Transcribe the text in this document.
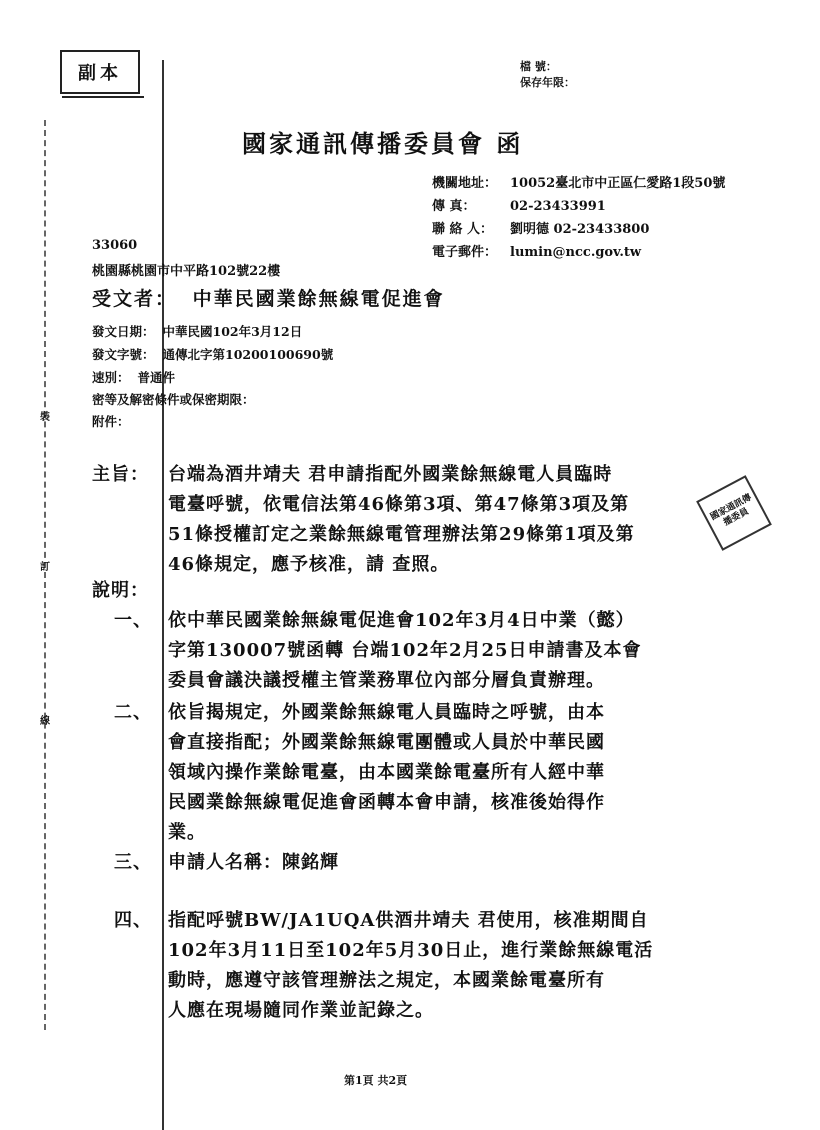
裝
訂
線
副本	檔 號：
保存年限：
國家通訊傳播委員會 函
機關地址： 10052臺北市中正區仁愛路1段50號
傳 真：	02-23433991
聯 絡 人： 劉明德 02-23433800
電子郵件： lumin@ncc.gov.tw
33060
桃園縣桃園市中平路102號22樓
受文者： 中華民國業餘無線電促進會
發文日期： 中華民國102年3月12日
發文字號： 通傳北字第10200100690號
速別： 普通件
密等及解密條件或保密期限：
附件：
主旨： 台端為酒井靖夫 君申請指配外國業餘無線電人員臨時
電臺呼號，依電信法第46條第3項、第47條第3項及第
51條授權訂定之業餘無線電管理辦法第29條第1項及第
46條規定，應予核准，請 查照。
國家通訊傳播委員
說明：
一、 依中華民國業餘無線電促進會102年3月4日中業（懿）
字第130007號函轉 台端102年2月25日申請書及本會
委員會議決議授權主管業務單位內部分層負責辦理。
二、 依旨揭規定，外國業餘無線電人員臨時之呼號，由本
會直接指配；外國業餘無線電團體或人員於中華民國
領域內操作業餘電臺，由本國業餘電臺所有人經中華
民國業餘無線電促進會函轉本會申請，核准後始得作
業。
三、 申請人名稱：陳銘輝
四、 指配呼號BW/JA1UQA供酒井靖夫 君使用，核准期間自
102年3月11日至102年5月30日止，進行業餘無線電活
動時，應遵守該管理辦法之規定，本國業餘電臺所有
人應在現場隨同作業並記錄之。
第1頁 共2頁
